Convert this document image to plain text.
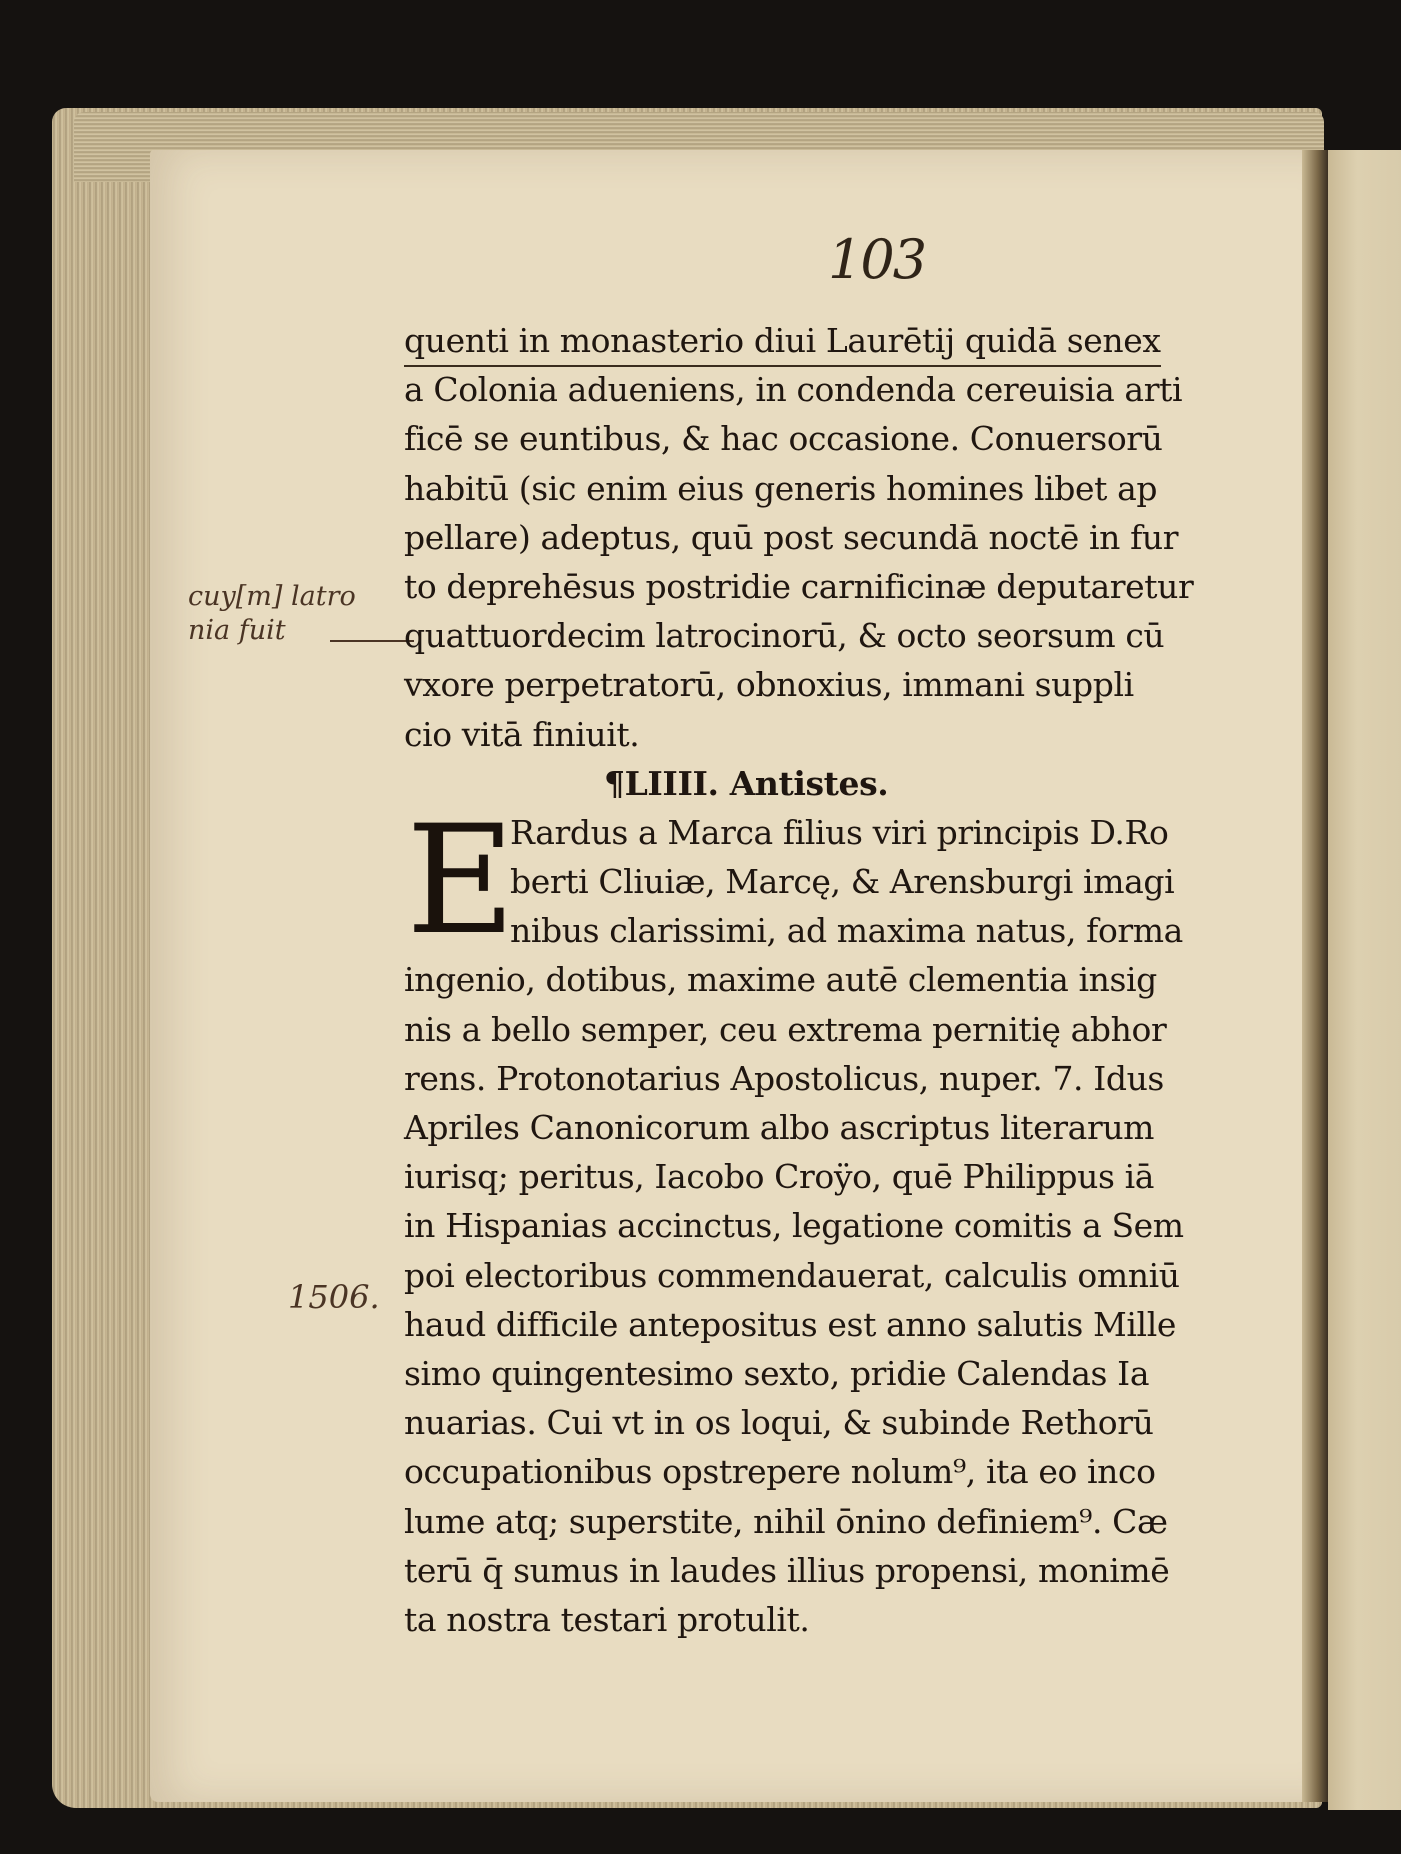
103
cuy[m] latro
nia fuit
1506.
quenti in monasterio diui Laurētij quidā senex
a Colonia adueniens, in condenda cereuisia arti
ficē se euntibus, & hac occasione. Conuersorū
habitū (sic enim eius generis homines libet ap
pellare) adeptus, quū post secundā noctē in fur
to deprehēsus postridie carnificinæ deputaretur
quattuordecim latrocinorū, & octo seorsum cū
vxore perpetratorū, obnoxius, immani suppli
cio vitā finiuit.
¶LIIII. Antistes.
E
Rardus a Marca filius viri principis D.Ro
berti Cliuiæ, Marcę, & Arensburgi imagi
nibus clarissimi, ad maxima natus, forma
ingenio, dotibus, maxime autē clementia insig
nis a bello semper, ceu extrema pernitię abhor
rens. Protonotarius Apostolicus, nuper. 7. Idus
Apriles Canonicorum albo ascriptus literarum
iurisq; peritus, Iacobo Croÿo, quē Philippus iā
in Hispanias accinctus, legatione comitis a Sem
poi electoribus commendauerat, calculis omniū
haud difficile antepositus est anno salutis Mille
simo quingentesimo sexto, pridie Calendas Ia
nuarias. Cui vt in os loqui, & subinde Rethorū
occupationibus opstrepere nolum⁹, ita eo inco
lume atq; superstite, nihil ōnino definiem⁹. Cæ
terū q̄ sumus in laudes illius propensi, monimē
ta nostra testari protulit.
